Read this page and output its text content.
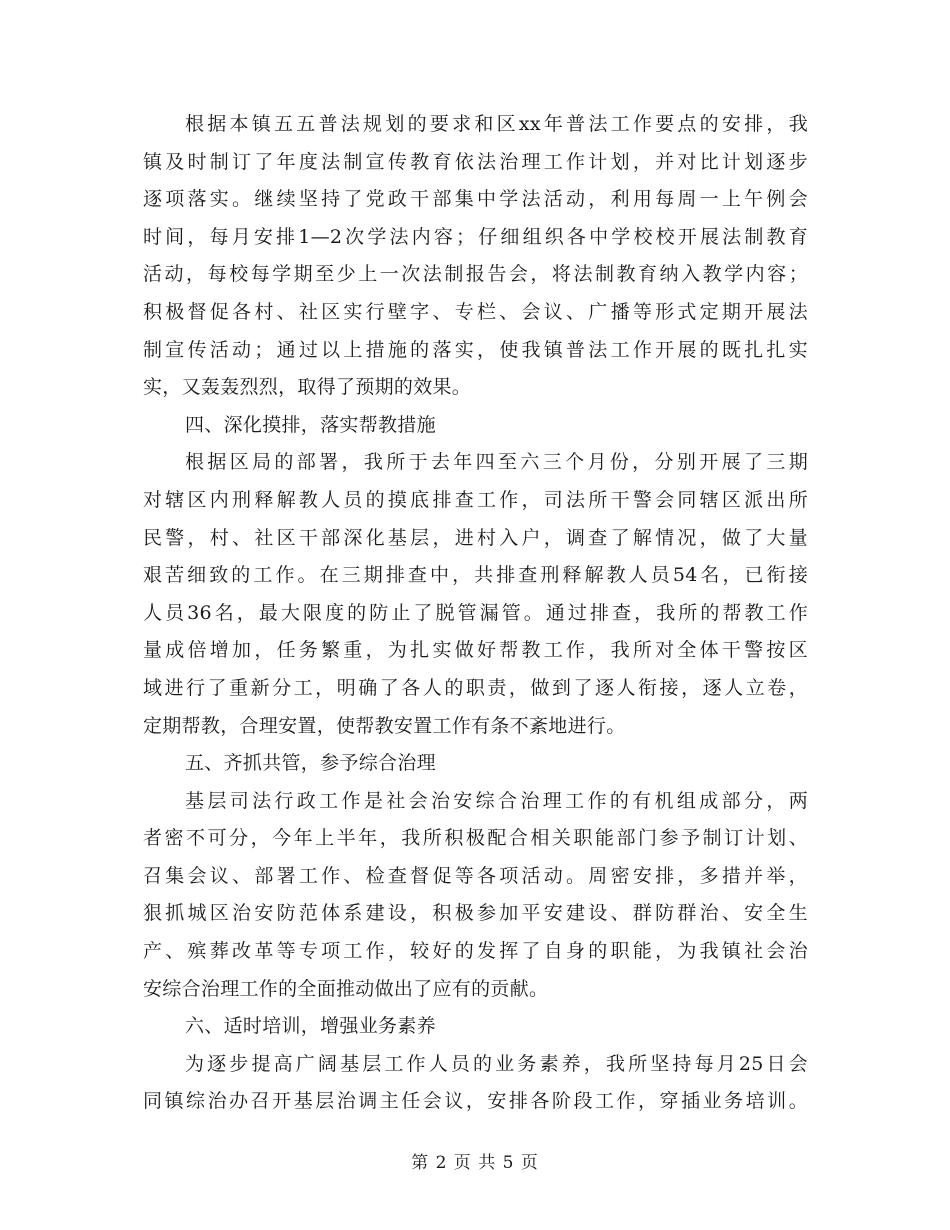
根据本镇五五普法规划的要求和区xx年普法工作要点的安排，我
镇及时制订了年度法制宣传教育依法治理工作计划，并对比计划逐步
逐项落实。继续坚持了党政干部集中学法活动，利用每周一上午例会
时间，每月安排1—2次学法内容；仔细组织各中学校校开展法制教育
活动，每校每学期至少上一次法制报告会，将法制教育纳入教学内容；
积极督促各村、社区实行壁字、专栏、会议、广播等形式定期开展法
制宣传活动；通过以上措施的落实，使我镇普法工作开展的既扎扎实
实，又轰轰烈烈，取得了预期的效果。
四、深化摸排，落实帮教措施
根据区局的部署，我所于去年四至六三个月份，分别开展了三期
对辖区内刑释解教人员的摸底排查工作，司法所干警会同辖区派出所
民警，村、社区干部深化基层，进村入户，调查了解情况，做了大量
艰苦细致的工作。在三期排查中，共排查刑释解教人员54名，已衔接
人员36名，最大限度的防止了脱管漏管。通过排查，我所的帮教工作
量成倍增加，任务繁重，为扎实做好帮教工作，我所对全体干警按区
域进行了重新分工，明确了各人的职责，做到了逐人衔接，逐人立卷，
定期帮教，合理安置，使帮教安置工作有条不紊地进行。
五、齐抓共管，参予综合治理
基层司法行政工作是社会治安综合治理工作的有机组成部分，两
者密不可分，今年上半年，我所积极配合相关职能部门参予制订计划、
召集会议、部署工作、检查督促等各项活动。周密安排，多措并举，
狠抓城区治安防范体系建设，积极参加平安建设、群防群治、安全生
产、殡葬改革等专项工作，较好的发挥了自身的职能，为我镇社会治
安综合治理工作的全面推动做出了应有的贡献。
六、适时培训，增强业务素养
为逐步提高广阔基层工作人员的业务素养，我所坚持每月25日会
同镇综治办召开基层治调主任会议，安排各阶段工作，穿插业务培训。
第 2 页 共 5 页
